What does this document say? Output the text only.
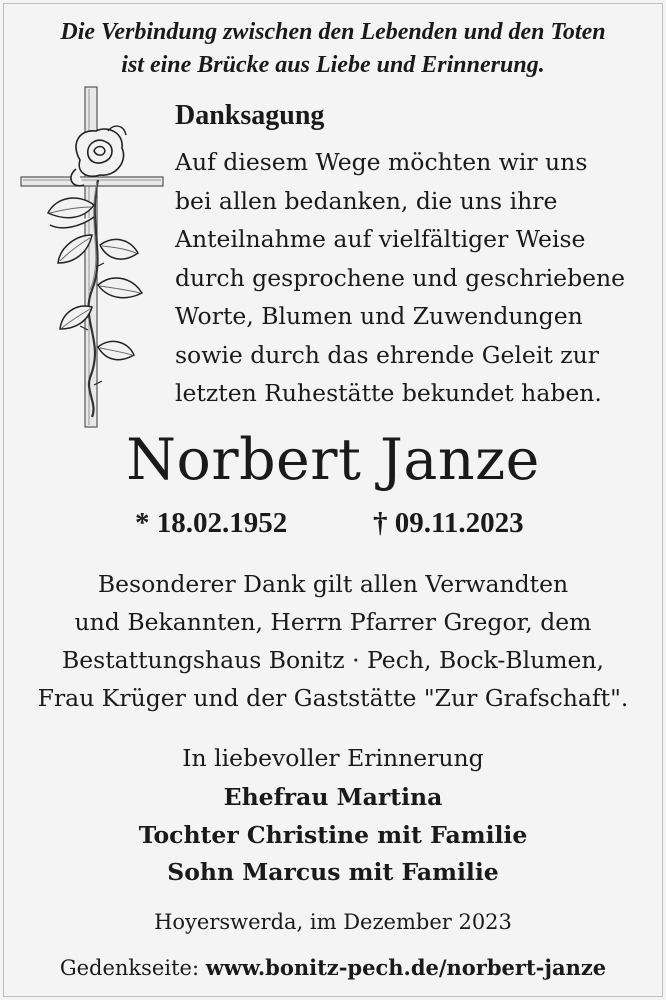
Die Verbindung zwischen den Lebenden und den Toten
ist eine Brücke aus Liebe und Erinnerung.
Danksagung
Auf diesem Wege möchten wir uns
bei allen bedanken, die uns ihre
Anteilnahme auf vielfältiger Weise
durch gesprochene und geschriebene
Worte, Blumen und Zuwendungen
sowie durch das ehrende Geleit zur
letzten Ruhestätte bekundet haben.
Norbert Janze
* 18.02.1952	† 09.11.2023
Besonderer Dank gilt allen Verwandten
und Bekannten, Herrn Pfarrer Gregor, dem
Bestattungshaus Bonitz · Pech, Bock-Blumen,
Frau Krüger und der Gaststätte "Zur Grafschaft".
In liebevoller Erinnerung
Ehefrau Martina
Tochter Christine mit Familie
Sohn Marcus mit Familie
Hoyerswerda, im Dezember 2023
Gedenkseite: www.bonitz-pech.de/norbert-janze
